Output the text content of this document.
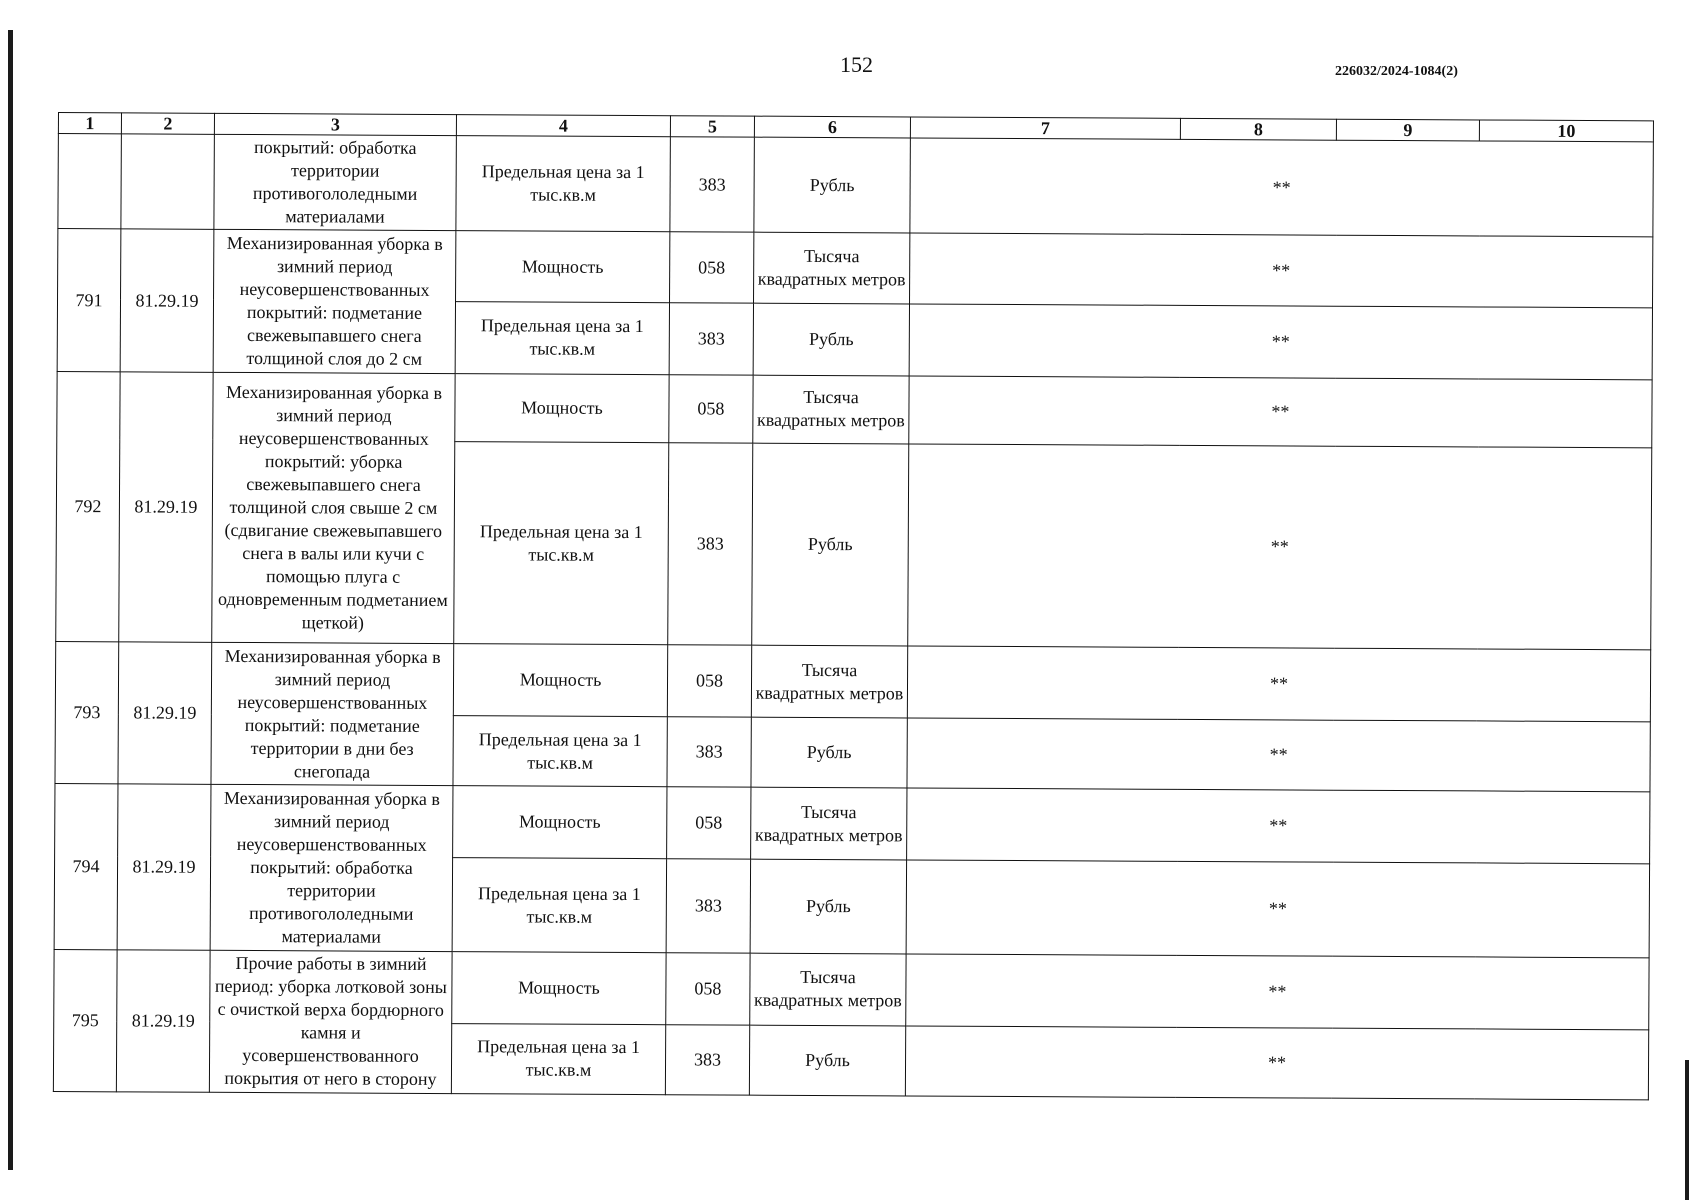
152	226032/2024-1084(2)
1	2	3	4	5	6	7	8	9	10
		покрытий: обработка территории противогололедными материалами	Предельная цена за 1 тыс.кв.м	383	Рубль	**			
791	81.29.19	Механизированная уборка в зимний период неусовершенствованных покрытий: подметание свежевыпавшего снега толщиной слоя до 2 см	Мощность	058	Тысяча квадратных метров	**			
			Предельная цена за 1 тыс.кв.м	383	Рубль	**			
792	81.29.19	Механизированная уборка в зимний период неусовершенствованных покрытий: уборка свежевыпавшего снега толщиной слоя свыше 2 см (сдвигание свежевыпавшего снега в валы или кучи с помощью плуга с одновременным подметанием щеткой)	Мощность	058	Тысяча квадратных метров	**			
			Предельная цена за 1 тыс.кв.м	383	Рубль	**			
793	81.29.19	Механизированная уборка в зимний период неусовершенствованных покрытий: подметание территории в дни без снегопада	Мощность	058	Тысяча квадратных метров	**			
			Предельная цена за 1 тыс.кв.м	383	Рубль	**			
794	81.29.19	Механизированная уборка в зимний период неусовершенствованных покрытий: обработка территории противогололедными материалами	Мощность	058	Тысяча квадратных метров	**			
			Предельная цена за 1 тыс.кв.м	383	Рубль	**			
795	81.29.19	Прочие работы в зимний период: уборка лотковой зоны с очисткой верха бордюрного камня и усовершенствованного покрытия от него в сторону	Мощность	058	Тысяча квадратных метров	**			
			Предельная цена за 1 тыс.кв.м	383	Рубль	**			
